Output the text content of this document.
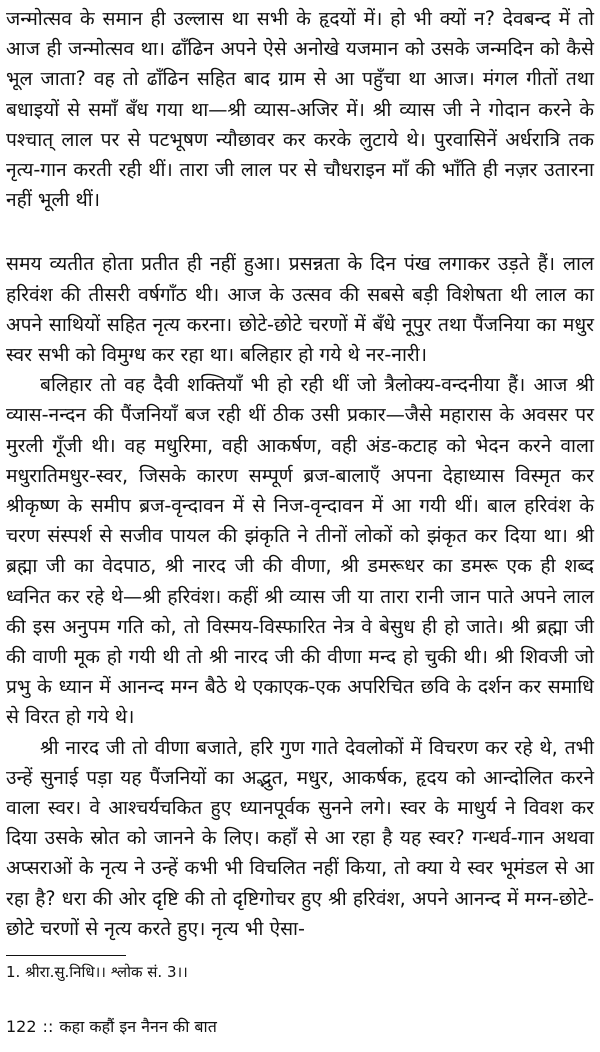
जन्मोत्सव के समान ही उल्लास था सभी के हृदयों में। हो भी क्यों न? देवबन्द में तो आज ही जन्मोत्सव था। ढाँढिन अपने ऐसे अनोखे यजमान को उसके जन्मदिन को कैसे भूल जाता? वह तो ढाँढिन सहित बाद ग्राम से आ पहुँचा था आज। मंगल गीतों तथा बधाइयों से समाँ बँध गया था—श्री व्यास-अजिर में। श्री व्यास जी ने गोदान करने के पश्चात् लाल पर से पटभूषण न्यौछावर कर करके लुटाये थे। पुरवासिनें अर्धरात्रि तक नृत्य-गान करती रही थीं। तारा जी लाल पर से चौधराइन माँ की भाँति ही नज़र उतारना नहीं भूली थीं।

समय व्यतीत होता प्रतीत ही नहीं हुआ। प्रसन्नता के दिन पंख लगाकर उड़ते हैं। लाल हरिवंश की तीसरी वर्षगाँठ थी। आज के उत्सव की सबसे बड़ी विशेषता थी लाल का अपने साथियों सहित नृत्य करना। छोटे-छोटे चरणों में बँधे नूपुर तथा पैंजनिया का मधुर स्वर सभी को विमुग्ध कर रहा था। बलिहार हो गये थे नर-नारी।

बलिहार तो वह दैवी शक्तियाँ भी हो रही थीं जो त्रैलोक्य-वन्दनीया हैं। आज श्री व्यास-नन्दन की पैंजनियाँ बज रही थीं ठीक उसी प्रकार—जैसे महारास के अवसर पर मुरली गूँजी थी। वह मधुरिमा, वही आकर्षण, वही अंड-कटाह को भेदन करने वाला मधुरातिमधुर-स्वर, जिसके कारण सम्पूर्ण ब्रज-बालाएँ अपना देहाध्यास विस्मृत कर श्रीकृष्ण के समीप ब्रज-वृन्दावन में से निज-वृन्दावन में आ गयी थीं। बाल हरिवंश के चरण संस्पर्श से सजीव पायल की झंकृति ने तीनों लोकों को झंकृत कर दिया था। श्री ब्रह्मा जी का वेदपाठ, श्री नारद जी की वीणा, श्री डमरूधर का डमरू एक ही शब्द ध्वनित कर रहे थे—श्री हरिवंश। कहीं श्री व्यास जी या तारा रानी जान पाते अपने लाल की इस अनुपम गति को, तो विस्मय-विस्फारित नेत्र वे बेसुध ही हो जाते। श्री ब्रह्मा जी की वाणी मूक हो गयी थी तो श्री नारद जी की वीणा मन्द हो चुकी थी। श्री शिवजी जो प्रभु के ध्यान में आनन्द मग्न बैठे थे एकाएक-एक अपरिचित छवि के दर्शन कर समाधि से विरत हो गये थे।

श्री नारद जी तो वीणा बजाते, हरि गुण गाते देवलोकों में विचरण कर रहे थे, तभी उन्हें सुनाई पड़ा यह पैंजनियों का अद्भुत, मधुर, आकर्षक, हृदय को आन्दोलित करने वाला स्वर। वे आश्चर्यचकित हुए ध्यानपूर्वक सुनने लगे। स्वर के माधुर्य ने विवश कर दिया उसके स्रोत को जानने के लिए। कहाँ से आ रहा है यह स्वर? गन्धर्व-गान अथवा अप्सराओं के नृत्य ने उन्हें कभी भी विचलित नहीं किया, तो क्या ये स्वर भूमंडल से आ रहा है? धरा की ओर दृष्टि की तो दृष्टिगोचर हुए श्री हरिवंश, अपने आनन्द में मग्न-छोटे-छोटे चरणों से नृत्य करते हुए। नृत्य भी ऐसा-

1. श्रीरा.सु.निधि।। श्लोक सं. 3।।
122 :: कहा कहौं इन नैनन की बात
